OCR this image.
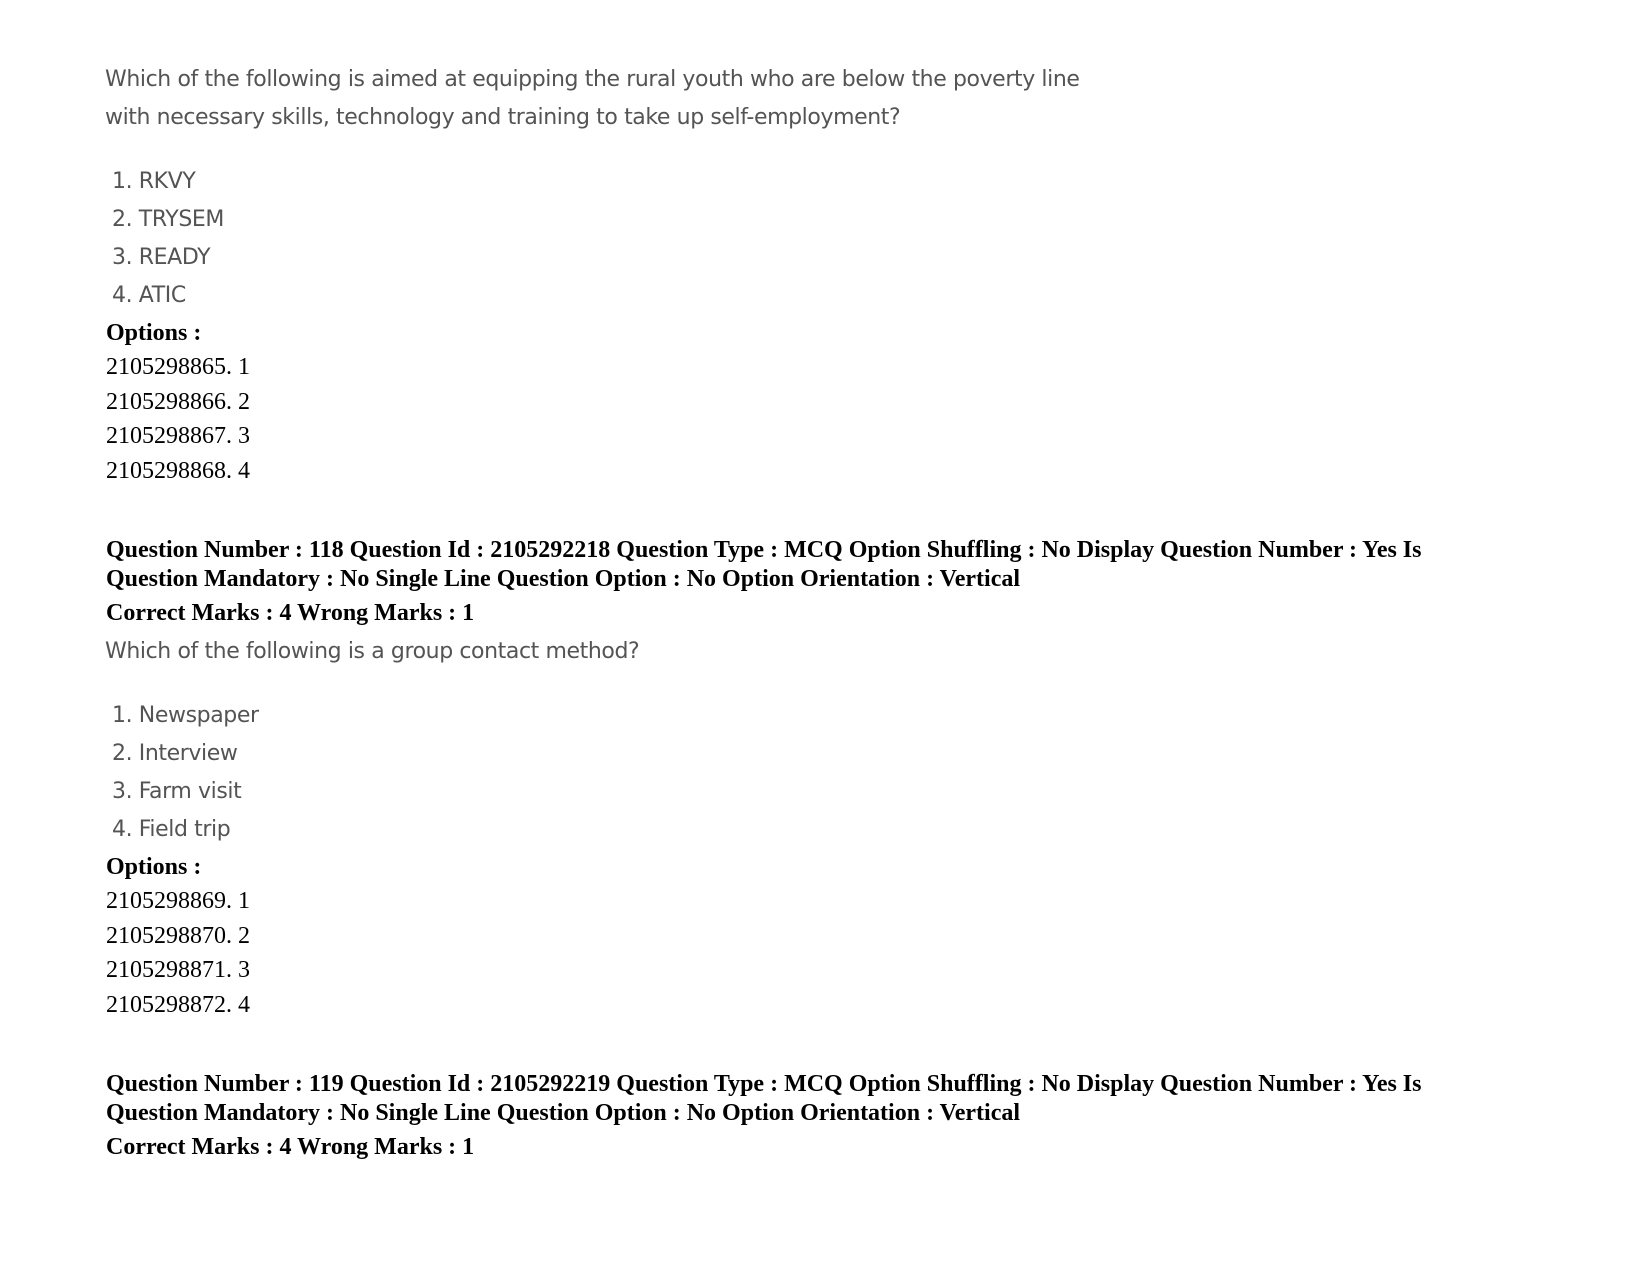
Which of the following is aimed at equipping the rural youth who are below the poverty line
with necessary skills, technology and training to take up self-employment?

1. RKVY
2. TRYSEM
3. READY
4. ATIC

Options :

2105298865. 1
2105298866. 2
2105298867. 3
2105298868. 4

Question Number : 118 Question Id : 2105292218 Question Type : MCQ Option Shuffling : No Display Question Number : Yes Is

Question Mandatory : No Single Line Question Option : No Option Orientation : Vertical

Correct Marks : 4 Wrong Marks : 1

Which of the following is a group contact method?

1. Newspaper
2. Interview
3. Farm visit
4. Field trip

Options :

2105298869. 1
2105298870. 2
2105298871. 3
2105298872. 4

Question Number : 119 Question Id : 2105292219 Question Type : MCQ Option Shuffling : No Display Question Number : Yes Is

Question Mandatory : No Single Line Question Option : No Option Orientation : Vertical

Correct Marks : 4 Wrong Marks : 1
